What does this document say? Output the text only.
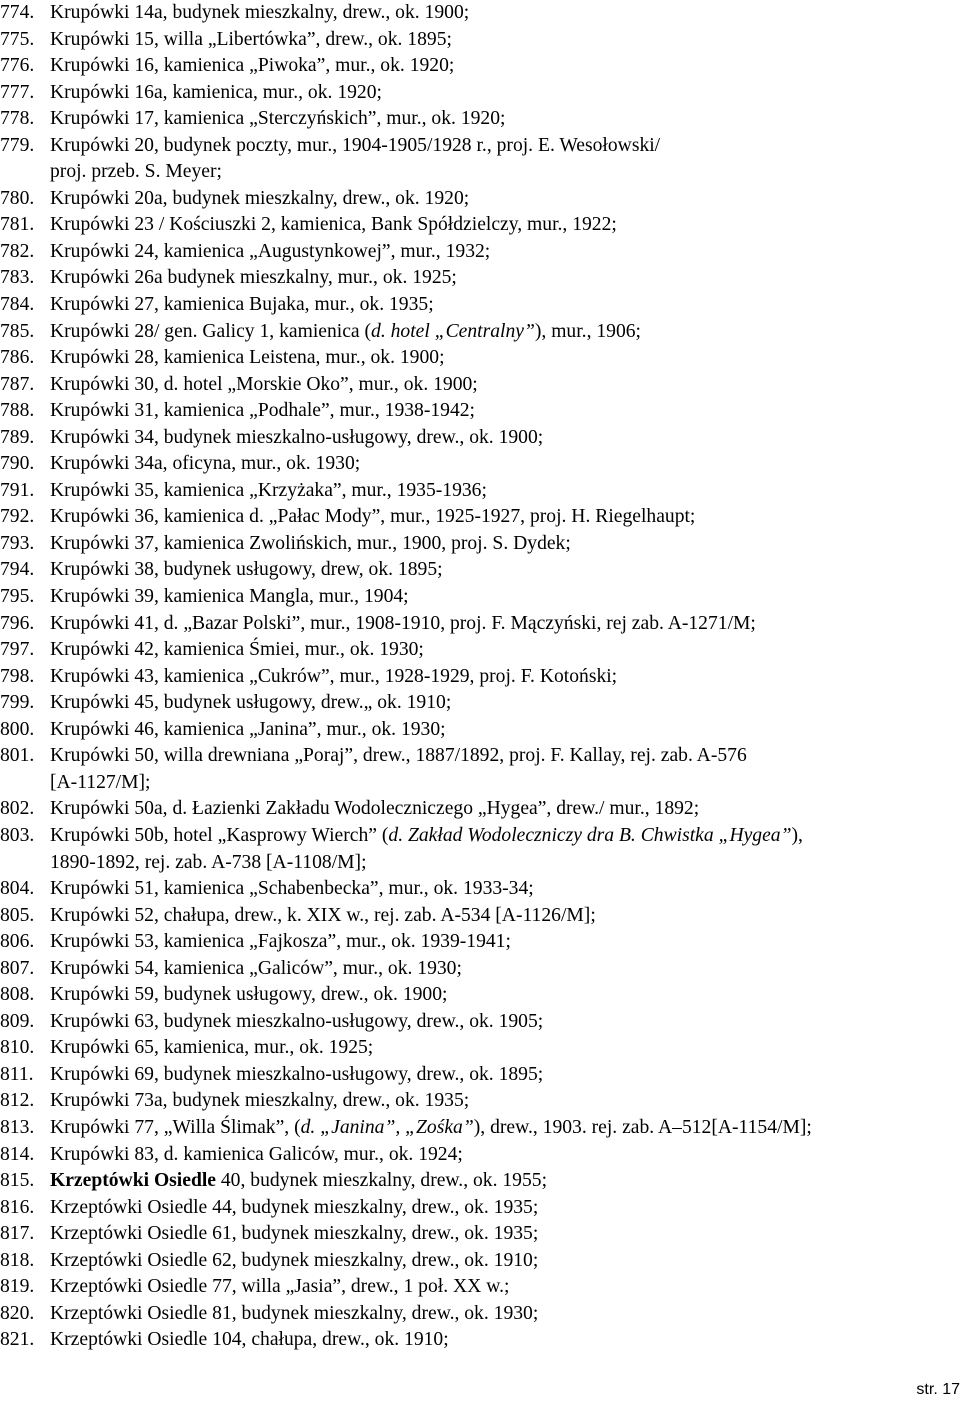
774. Krupówki 14a, budynek mieszkalny, drew., ok. 1900;
775. Krupówki 15, willa „Libertówka”, drew., ok. 1895;
776. Krupówki 16, kamienica „Piwoka”, mur., ok. 1920;
777. Krupówki 16a, kamienica, mur., ok. 1920;
778. Krupówki 17, kamienica „Sterczyńskich”, mur., ok. 1920;
779. Krupówki 20, budynek poczty, mur., 1904-1905/1928 r., proj. E. Wesołowski/
proj. przeb. S. Meyer;
780. Krupówki 20a, budynek mieszkalny, drew., ok. 1920;
781. Krupówki 23 / Kościuszki 2, kamienica, Bank Spółdzielczy, mur., 1922;
782. Krupówki 24, kamienica „Augustynkowej”, mur., 1932;
783. Krupówki 26a budynek mieszkalny, mur., ok. 1925;
784. Krupówki 27, kamienica Bujaka, mur., ok. 1935;
785. Krupówki 28/ gen. Galicy 1, kamienica (d. hotel „Centralny”), mur., 1906;
786. Krupówki 28, kamienica Leistena, mur., ok. 1900;
787. Krupówki 30, d. hotel „Morskie Oko”, mur., ok. 1900;
788. Krupówki 31, kamienica „Podhale”, mur., 1938-1942;
789. Krupówki 34, budynek mieszkalno-usługowy, drew., ok. 1900;
790. Krupówki 34a, oficyna, mur., ok. 1930;
791. Krupówki 35, kamienica „Krzyżaka”, mur., 1935-1936;
792. Krupówki 36, kamienica d. „Pałac Mody”, mur., 1925-1927, proj. H. Riegelhaupt;
793. Krupówki 37, kamienica Zwolińskich, mur., 1900, proj. S. Dydek;
794. Krupówki 38, budynek usługowy, drew, ok. 1895;
795. Krupówki 39, kamienica Mangla, mur., 1904;
796. Krupówki 41, d. „Bazar Polski”, mur., 1908-1910, proj. F. Mączyński, rej zab. A-1271/M;
797. Krupówki 42, kamienica Śmiei, mur., ok. 1930;
798. Krupówki 43, kamienica „Cukrów”, mur., 1928-1929, proj. F. Kotoński;
799. Krupówki 45, budynek usługowy, drew.„ ok. 1910;
800. Krupówki 46, kamienica „Janina”, mur., ok. 1930;
801. Krupówki 50, willa drewniana „Poraj”, drew., 1887/1892, proj. F. Kallay, rej. zab. A-576
[A-1127/M];
802. Krupówki 50a, d. Łazienki Zakładu Wodoleczniczego „Hygea”, drew./ mur., 1892;
803. Krupówki 50b, hotel „Kasprowy Wierch” (d. Zakład Wodoleczniczy dra B. Chwistka „Hygea”),
1890-1892, rej. zab. A-738 [A-1108/M];
804. Krupówki 51, kamienica „Schabenbecka”, mur., ok. 1933-34;
805. Krupówki 52, chałupa, drew., k. XIX w., rej. zab. A-534 [A-1126/M];
806. Krupówki 53, kamienica „Fajkosza”, mur., ok. 1939-1941;
807. Krupówki 54, kamienica „Galiców”, mur., ok. 1930;
808. Krupówki 59, budynek usługowy, drew., ok. 1900;
809. Krupówki 63, budynek mieszkalno-usługowy, drew., ok. 1905;
810. Krupówki 65, kamienica, mur., ok. 1925;
811. Krupówki 69, budynek mieszkalno-usługowy, drew., ok. 1895;
812. Krupówki 73a, budynek mieszkalny, drew., ok. 1935;
813. Krupówki 77, „Willa Ślimak”, (d. „Janina”, „Zośka”), drew., 1903. rej. zab. A–512[A-1154/M];
814. Krupówki 83, d. kamienica Galiców, mur., ok. 1924;
815. Krzeptówki Osiedle 40, budynek mieszkalny, drew., ok. 1955;
816. Krzeptówki Osiedle 44, budynek mieszkalny, drew., ok. 1935;
817. Krzeptówki Osiedle 61, budynek mieszkalny, drew., ok. 1935;
818. Krzeptówki Osiedle 62, budynek mieszkalny, drew., ok. 1910;
819. Krzeptówki Osiedle 77, willa „Jasia”, drew., 1 poł. XX w.;
820. Krzeptówki Osiedle 81, budynek mieszkalny, drew., ok. 1930;
821. Krzeptówki Osiedle 104, chałupa, drew., ok. 1910;
str. 17
